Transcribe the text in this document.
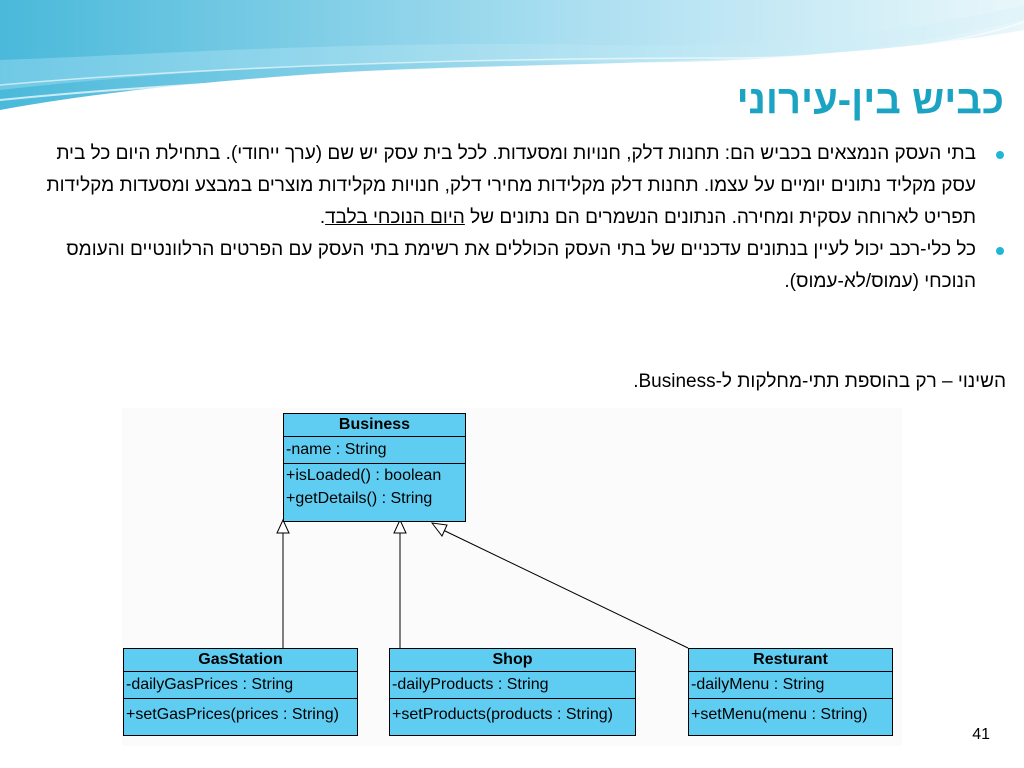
כביש בין-עירוני
בתי העסק הנמצאים בכביש הם: תחנות דלק, חנויות ומסעדות. לכל בית עסק יש שם (ערך ייחודי). בתחילת היום כל בית עסק מקליד נתונים יומיים על עצמו. תחנות דלק מקלידות מחירי דלק, חנויות מקלידות מוצרים במבצע ומסעדות מקלידות תפריט לארוחה עסקית ומחירה. הנתונים הנשמרים הם נתונים של היום הנוכחי בלבד.
כל כלי-רכב יכול לעיין בנתונים עדכניים של בתי העסק הכוללים את רשימת בתי העסק עם הפרטים הרלוונטיים והעומס הנוכחי (עמוס/לא-עמוס).
השינוי – רק בהוספת תתי-מחלקות ל-Business.
Business
-name : String
+isLoaded() : boolean
+getDetails() : String
GasStation
-dailyGasPrices : String
+setGasPrices(prices : String)
Shop
-dailyProducts : String
+setProducts(products : String)
Resturant
-dailyMenu : String
+setMenu(menu : String)
41
